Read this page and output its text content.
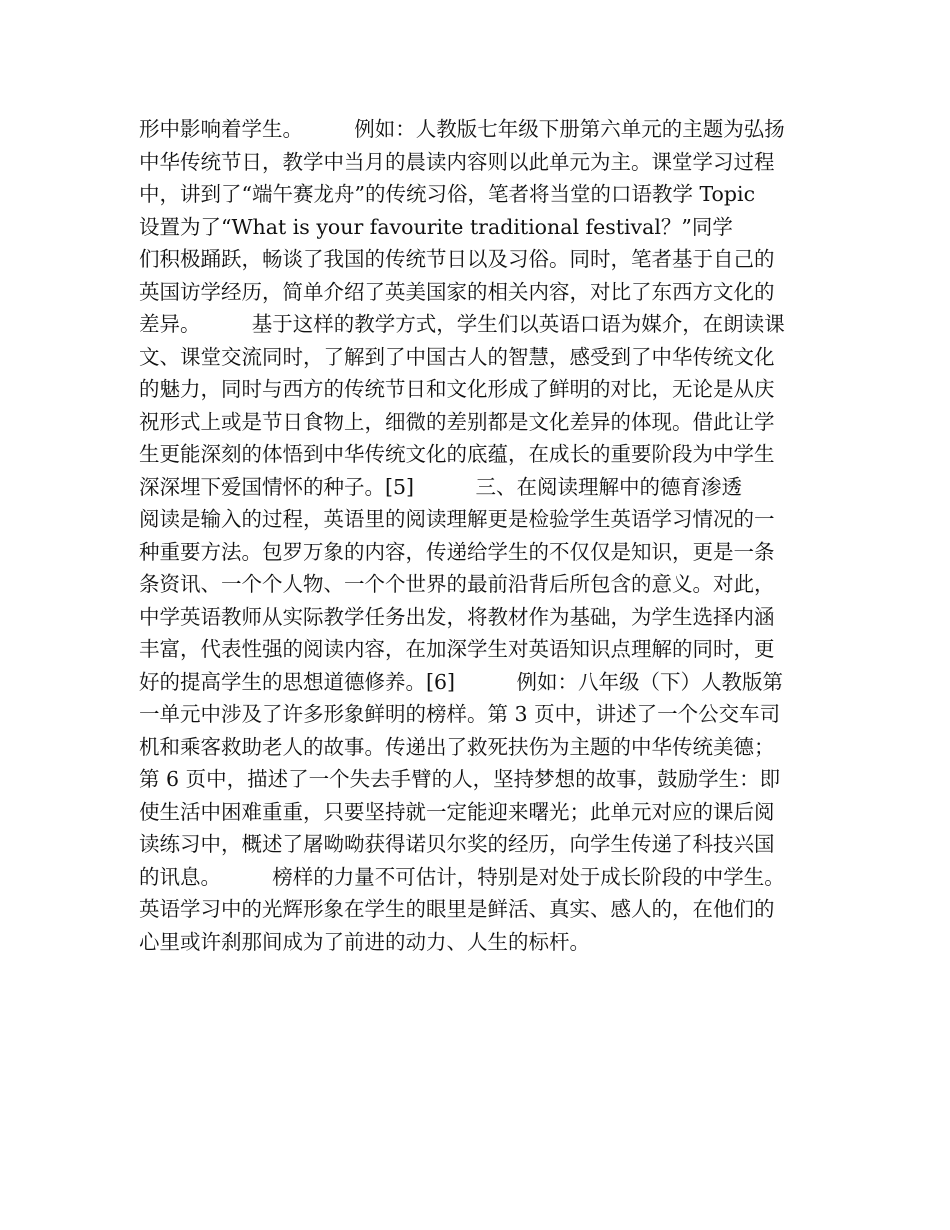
形中影响着学生。　　　例如：人教版七年级下册第六单元的主题为弘扬
中华传统节日，教学中当月的晨读内容则以此单元为主。课堂学习过程
中，讲到了“端午赛龙舟”的传统习俗，笔者将当堂的口语教学 Topic
设置为了“What is your favourite traditional festival？”同学
们积极踊跃，畅谈了我国的传统节日以及习俗。同时，笔者基于自己的
英国访学经历，简单介绍了英美国家的相关内容，对比了东西方文化的
差异。　　　基于这样的教学方式，学生们以英语口语为媒介，在朗读课
文、课堂交流同时，了解到了中国古人的智慧，感受到了中华传统文化
的魅力，同时与西方的传统节日和文化形成了鲜明的对比，无论是从庆
祝形式上或是节日食物上，细微的差别都是文化差异的体现。借此让学
生更能深刻的体悟到中华传统文化的底蕴，在成长的重要阶段为中学生
深深埋下爱国情怀的种子。[5]　　　三、在阅读理解中的德育渗透
阅读是输入的过程，英语里的阅读理解更是检验学生英语学习情况的一
种重要方法。包罗万象的内容，传递给学生的不仅仅是知识，更是一条
条资讯、一个个人物、一个个世界的最前沿背后所包含的意义。对此，
中学英语教师从实际教学任务出发，将教材作为基础，为学生选择内涵
丰富，代表性强的阅读内容，在加深学生对英语知识点理解的同时，更
好的提高学生的思想道德修养。[6]　　　例如：八年级（下）人教版第
一单元中涉及了许多形象鲜明的榜样。第 3 页中，讲述了一个公交车司
机和乘客救助老人的故事。传递出了救死扶伤为主题的中华传统美德；
第 6 页中，描述了一个失去手臂的人，坚持梦想的故事，鼓励学生：即
使生活中困难重重，只要坚持就一定能迎来曙光；此单元对应的课后阅
读练习中，概述了屠呦呦获得诺贝尔奖的经历，向学生传递了科技兴国
的讯息。　　　榜样的力量不可估计，特别是对处于成长阶段的中学生。
英语学习中的光辉形象在学生的眼里是鲜活、真实、感人的，在他们的
心里或许刹那间成为了前进的动力、人生的标杆。
